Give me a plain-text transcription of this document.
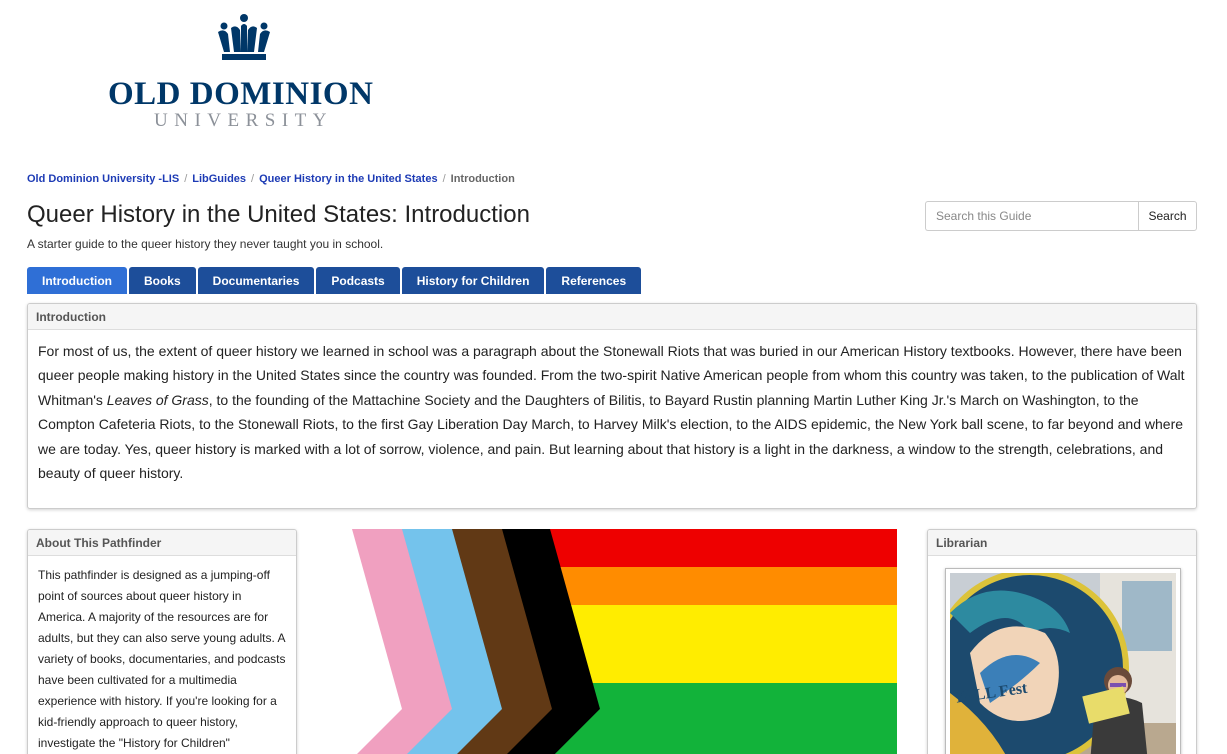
OLD DOMINION
UNIVERSITY
Old Dominion University -LIS / LibGuides / Queer History in the United States / Introduction
Queer History in the United States: Introduction
A starter guide to the queer history they never taught you in school.
Search this Guide
Search
Introduction	Books	Documentaries	Podcasts	History for Children	References
Introduction
For most of us, the extent of queer history we learned in school was a paragraph about the Stonewall Riots that was buried in our American History textbooks. However, there have been queer people making history in the United States since the country was founded. From the two-spirit Native American people from whom this country was taken, to the publication of Walt Whitman's Leaves of Grass, to the founding of the Mattachine Society and the Daughters of Bilitis, to Bayard Rustin planning Martin Luther King Jr.'s March on Washington, to the Compton Cafeteria Riots, to the Stonewall Riots, to the first Gay Liberation Day March, to Harvey Milk's election, to the AIDS epidemic, the New York ball scene, to far beyond and where we are today. Yes, queer history is marked with a lot of sorrow, violence, and pain. But learning about that history is a light in the darkness, a window to the strength, celebrations, and beauty of queer history.
About This Pathfinder
This pathfinder is designed as a jumping-off point of sources about queer history in America. A majority of the resources are for adults, but they can also serve young adults. A variety of books, documentaries, and podcasts have been cultivated for a multimedia experience with history. If you're looking for a kid-friendly approach to queer history, investigate the "History for Children"
Librarian
YALL Fest
